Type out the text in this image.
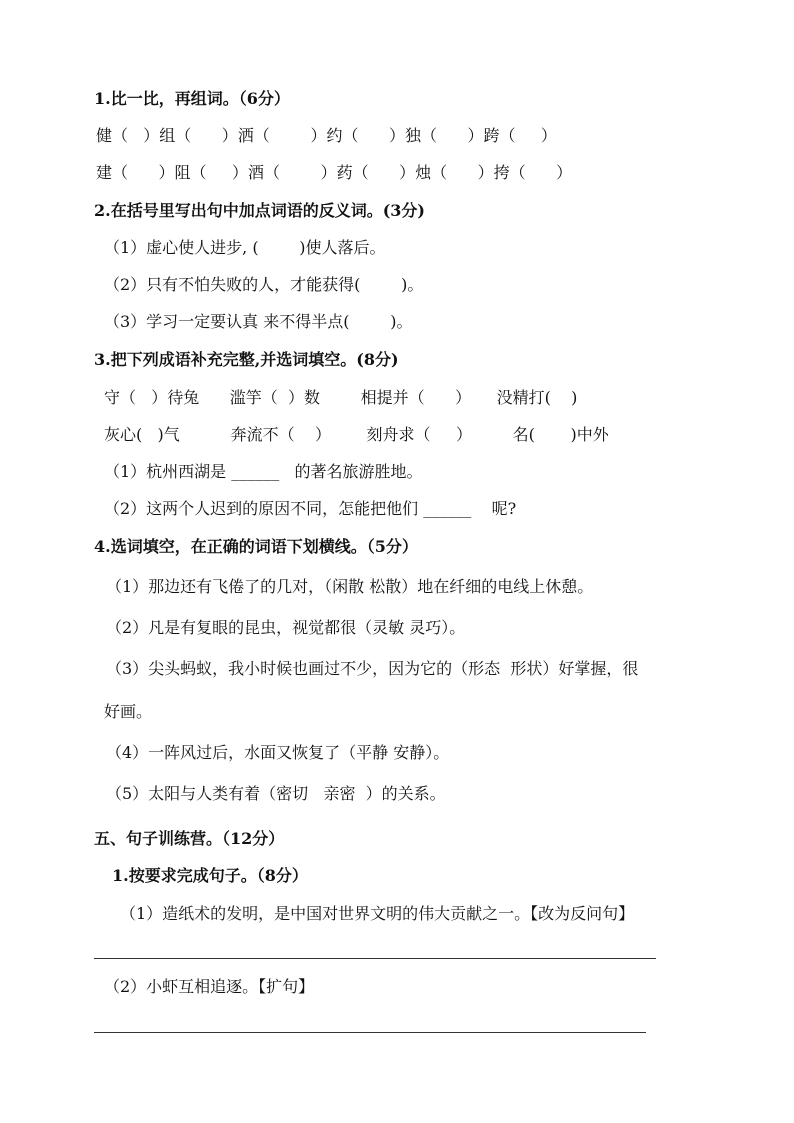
1.比一比，再组词。（6分）
健（   ）组（      ）洒（        ）约（      ）独（      ）跨（     ）
建（      ）阻（     ）酒（        ）药（      ）烛（      ）挎（      ）
2.在括号里写出句中加点词语的反义词。(3分)
（1）虚心使人进步, (        )使人落后。
（2）只有不怕失败的人，才能获得(        )。
（3）学习一定要认真 来不得半点(        )。
3.把下列成语补充完整,并选词填空。(8分)
守（   ）待兔      滥竽（  ）数        相提并（      ）     没精打(    )
灰心(   )气          奔流不（    ）       刻舟求（     ）        名(       )中外
（1）杭州西湖是 ______   的著名旅游胜地。
（2）这两个人迟到的原因不同，怎能把他们 ______    呢?
4.选词填空，在正确的词语下划横线。（5分）
（1）那边还有飞倦了的几对，（闲散 松散）地在纤细的电线上休憩。
（2）凡是有复眼的昆虫，视觉都很（灵敏 灵巧）。
（3）尖头蚂蚁，我小时候也画过不少，因为它的（形态  形状）好掌握，很
好画。
（4）一阵风过后，水面又恢复了（平静 安静）。
（5）太阳与人类有着（密切   亲密  ）的关系。
五、句子训练营。（12分）
1.按要求完成句子。（8分）
（1）造纸术的发明，是中国对世界文明的伟大贡献之一。【改为反问句】
（2）小虾互相追逐。【扩句】
